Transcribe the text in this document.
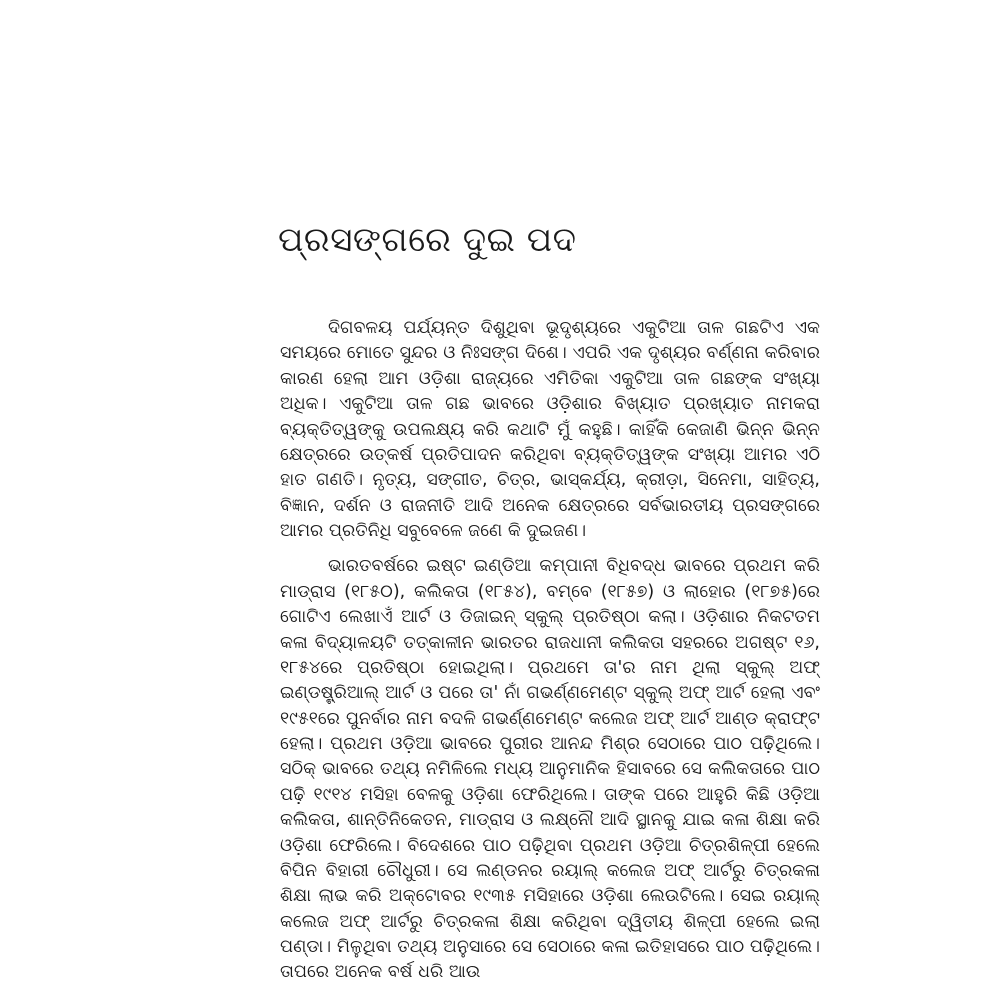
ପ୍ରସଙ୍ଗରେ ଦୁଇ ପଦ

ଦିଗବଳୟ ପର୍ଯ୍ୟନ୍ତ ଦିଶୁଥିବା ଭୂଦୃଶ୍ୟରେ ଏକୁଟିଆ ତାଳ ଗଛଟିଏ ଏକ ସମୟରେ ମୋତେ ସୁନ୍ଦର ଓ ନିଃସଙ୍ଗ ଦିଶେ। ଏପରି ଏକ ଦୃଶ୍ୟର ବର୍ଣ୍ଣନା କରିବାର କାରଣ ହେଲା ଆମ ଓଡ଼ିଶା ରାଜ୍ୟରେ ଏମିତିକା ଏକୁଟିଆ ତାଳ ଗଛଙ୍କ ସଂଖ୍ୟା ଅଧିକ। ଏକୁଟିଆ ତାଳ ଗଛ ଭାବରେ ଓଡ଼ିଶାର ବିଖ୍ୟାତ ପ୍ରଖ୍ୟାତ ନାମକରା ବ୍ୟକ୍ତିତ୍ୱଙ୍କୁ ଉପଲକ୍ଷ୍ୟ କରି କଥାଟି ମୁଁ କହୁଛି। କାହିଁକି କେଜାଣି ଭିନ୍ନ ଭିନ୍ନ କ୍ଷେତ୍ରରେ ଉତ୍କର୍ଷ ପ୍ରତିପାଦନ କରିଥିବା ବ୍ୟକ୍ତିତ୍ୱଙ୍କ ସଂଖ୍ୟା ଆମର ଏଠି ହାତ ଗଣତି। ନୃତ୍ୟ, ସଙ୍ଗୀତ, ଚିତ୍ର, ଭାସ୍କର୍ଯ୍ୟ, କ୍ରୀଡ଼ା, ସିନେମା, ସାହିତ୍ୟ, ବିଜ୍ଞାନ, ଦର୍ଶନ ଓ ରାଜନୀତି ଆଦି ଅନେକ କ୍ଷେତ୍ରରେ ସର୍ବଭାରତୀୟ ପ୍ରସଙ୍ଗରେ ଆମର ପ୍ରତିନିଧି ସବୁବେଳେ ଜଣେ କି ଦୁଇଜଣ।

ଭାରତବର୍ଷରେ ଇଷ୍ଟ ଇଣ୍ଡିଆ କମ୍ପାନୀ ବିଧିବଦ୍ଧ ଭାବରେ ପ୍ରଥମ କରି ମାଡ୍ରାସ (୧୮୫୦), କଲିକତା (୧୮୫୪), ବମ୍ବେ (୧୮୫୭) ଓ ଲାହୋର (୧୮୭୫)ରେ ଗୋଟିଏ ଲେଖାଏଁ ଆର୍ଟ ଓ ଡିଜାଇନ୍ ସ୍କୁଲ୍ ପ୍ରତିଷ୍ଠା କଲା। ଓଡ଼ିଶାର ନିକଟତମ କଳା ବିଦ୍ୟାଳୟଟି ତତ୍କାଳୀନ ଭାରତର ରାଜଧାନୀ କଲିକତା ସହରରେ ଅଗଷ୍ଟ ୧୬, ୧୮୫୪ରେ ପ୍ରତିଷ୍ଠା ହୋଇଥିଲା। ପ୍ରଥମେ ତା'ର ନାମ ଥିଲା ସ୍କୁଲ୍ ଅଫ୍ ଇଣ୍ଡଷ୍ଟ୍ରିଆଲ୍ ଆର୍ଟ ଓ ପରେ ତା' ନାଁ ଗଭର୍ଣ୍ଣମେଣ୍ଟ ସ୍କୁଲ୍ ଅଫ୍ ଆର୍ଟ ହେଲା ଏବଂ ୧୯୫୧ରେ ପୁନର୍ବାର ନାମ ବଦଳି ଗଭର୍ଣ୍ଣମେଣ୍ଟ କଲେଜ ଅଫ୍ ଆର୍ଟ ଆଣ୍ଡ କ୍ରାଫ୍ଟ ହେଲା। ପ୍ରଥମ ଓଡ଼ିଆ ଭାବରେ ପୁରୀର ଆନନ୍ଦ ମିଶ୍ର ସେଠାରେ ପାଠ ପଢ଼ିଥିଲେ। ସଠିକ୍ ଭାବରେ ତଥ୍ୟ ନମିଳିଲେ ମଧ୍ୟ ଆନୁମାନିକ ହିସାବରେ ସେ କଲିକତାରେ ପାଠ ପଢ଼ି ୧୯୧୪ ମସିହା ବେଳକୁ ଓଡ଼ିଶା ଫେରିଥିଲେ। ତାଙ୍କ ପରେ ଆହୁରି କିଛି ଓଡ଼ିଆ କଲିକତା, ଶାନ୍ତିନିକେତନ, ମାଡ୍ରାସ ଓ ଲକ୍ଷ୍ନୌ ଆଦି ସ୍ଥାନକୁ ଯାଇ କଳା ଶିକ୍ଷା କରି ଓଡ଼ିଶା ଫେରିଲେ। ବିଦେଶରେ ପାଠ ପଢ଼ିଥିବା ପ୍ରଥମ ଓଡ଼ିଆ ଚିତ୍ରଶିଳ୍ପୀ ହେଲେ ବିପିନ ବିହାରୀ ଚୌଧୁରୀ। ସେ ଲଣ୍ଡନର ରୟାଲ୍ କଲେଜ ଅଫ୍ ଆର୍ଟରୁ ଚିତ୍ରକଳା ଶିକ୍ଷା ଲାଭ କରି ଅକ୍ଟୋବର ୧୯୩୫ ମସିହାରେ ଓଡ଼ିଶା ଲେଉଟିଲେ। ସେଇ ରୟାଲ୍ କଲେଜ ଅଫ୍ ଆର୍ଟରୁ ଚିତ୍ରକଳା ଶିକ୍ଷା କରିଥିବା ଦ୍ୱିତୀୟ ଶିଳ୍ପୀ ହେଲେ ଇଲା ପଣ୍ଡା। ମିଳୁଥିବା ତଥ୍ୟ ଅନୁସାରେ ସେ ସେଠାରେ କଳା ଇତିହାସରେ ପାଠ ପଢ଼ିଥିଲେ। ତାପରେ ଅନେକ ବର୍ଷ ଧରି ଆଉ
